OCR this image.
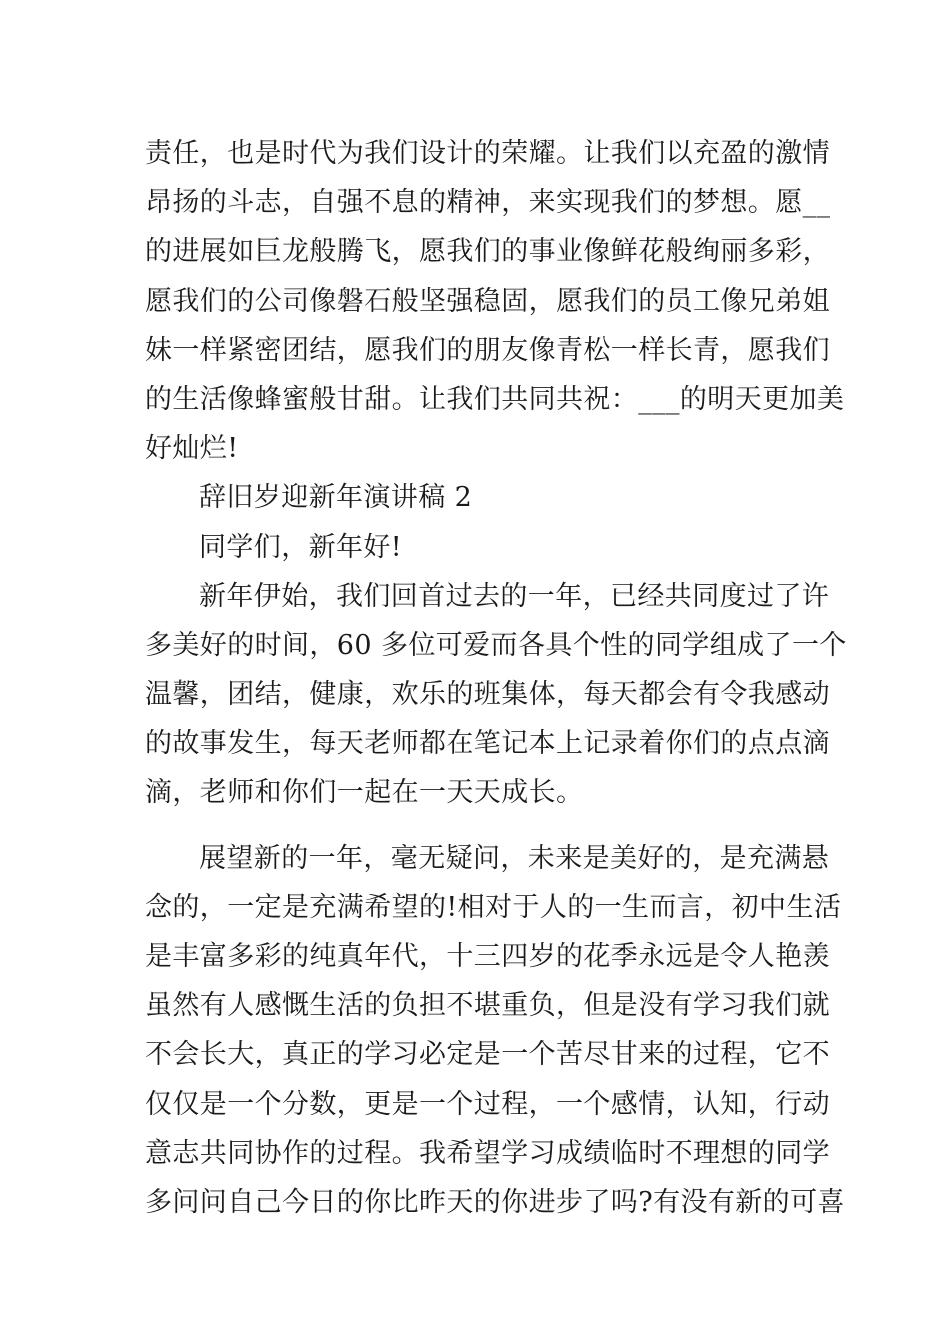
责任，也是时代为我们设计的荣耀。让我们以充盈的激情
昂扬的斗志，自强不息的精神，来实现我们的梦想。愿__
的进展如巨龙般腾飞，愿我们的事业像鲜花般绚丽多彩，
愿我们的公司像磐石般坚强稳固，愿我们的员工像兄弟姐
妹一样紧密团结，愿我们的朋友像青松一样长青，愿我们
的生活像蜂蜜般甘甜。让我们共同共祝：___的明天更加美
好灿烂!
辞旧岁迎新年演讲稿 2
同学们，新年好!
新年伊始，我们回首过去的一年，已经共同度过了许
多美好的时间，60 多位可爱而各具个性的同学组成了一个
温馨，团结，健康，欢乐的班集体，每天都会有令我感动
的故事发生，每天老师都在笔记本上记录着你们的点点滴
滴，老师和你们一起在一天天成长。
展望新的一年，毫无疑问，未来是美好的，是充满悬
念的，一定是充满希望的!相对于人的一生而言，初中生活
是丰富多彩的纯真年代，十三四岁的花季永远是令人艳羡
虽然有人感慨生活的负担不堪重负，但是没有学习我们就
不会长大，真正的学习必定是一个苦尽甘来的过程，它不
仅仅是一个分数，更是一个过程，一个感情，认知，行动
意志共同协作的过程。我希望学习成绩临时不理想的同学
多问问自己今日的你比昨天的你进步了吗?有没有新的可喜
